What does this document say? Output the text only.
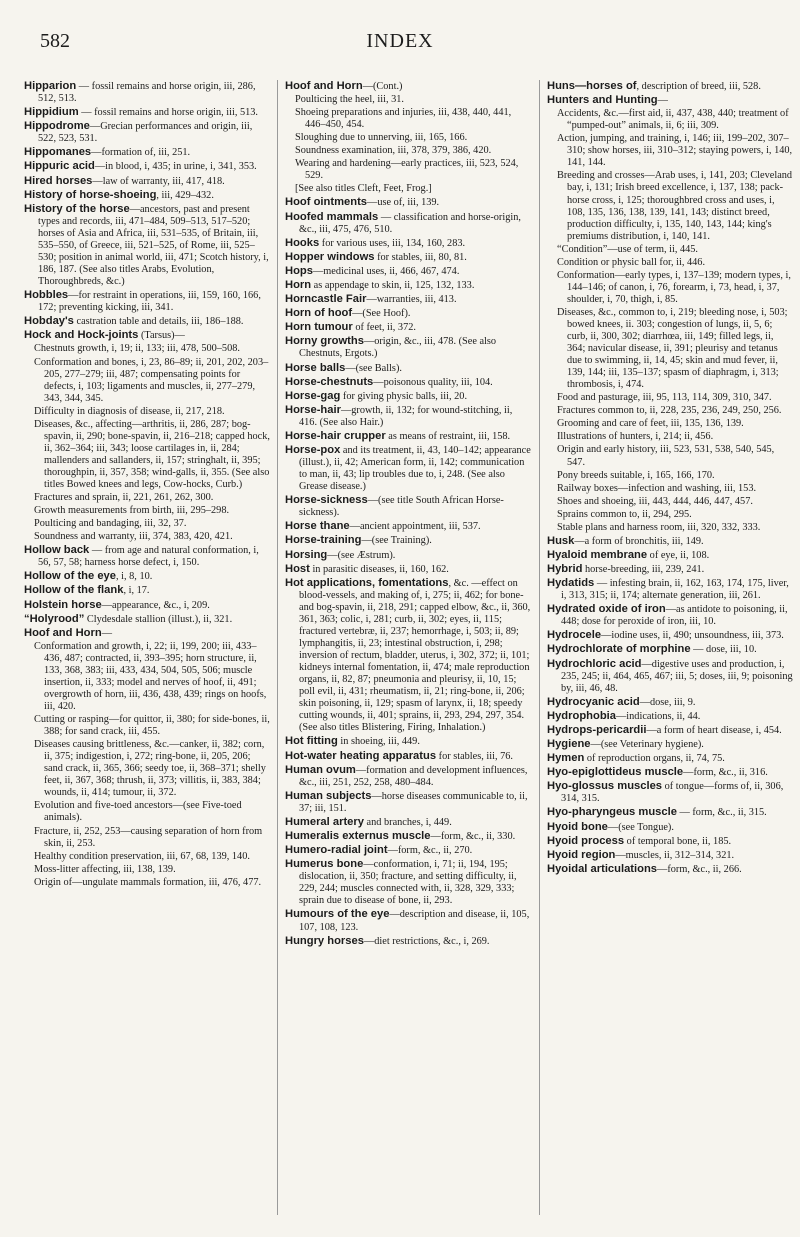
582	INDEX
Hipparion — fossil remains and horse origin, iii, 286, 512, 513.
Hippidium — fossil remains and horse origin, iii, 513.
Hippodrome—Grecian performances and origin, iii, 522, 523, 531.
Hippomanes—formation of, iii, 251.
Hippuric acid—in blood, i, 435; in urine, i, 341, 353.
Hired horses—law of warranty, iii, 417, 418.
History of horse-shoeing, iii, 429–432.
History of the horse—ancestors, past and present types and records, iii, 471–484, 509–513, 517–520; horses of Asia and Africa, iii, 531–535, of Britain, iii, 535–550, of Greece, iii, 521–525, of Rome, iii, 525–530; position in animal world, iii, 471; Scotch history, i, 186, 187. (See also titles Arabs, Evolution, Thoroughbreds, &c.)
Hobbles—for restraint in operations, iii, 159, 160, 166, 172; preventing kicking, iii, 341.
Hobday's castration table and details, iii, 186–188.
Hock and Hock-joints (Tarsus)—
Chestnuts growth, i, 19; ii, 133; iii, 478, 500–508.
Conformation and bones, i, 23, 86–89; ii, 201, 202, 203–205, 277–279; iii, 487; compensating points for defects, i, 103; ligaments and muscles, ii, 277–279, 343, 344, 345.
Difficulty in diagnosis of disease, ii, 217, 218.
Diseases, &c., affecting—arthritis, ii, 286, 287; bog-spavin, ii, 290; bone-spavin, ii, 216–218; capped hock, ii, 362–364; iii, 343; loose cartilages in, ii, 284; mallenders and sallanders, ii, 157; stringhalt, ii, 395; thoroughpin, ii, 357, 358; wind-galls, ii, 355. (See also titles Bowed knees and legs, Cow-hocks, Curb.)
Fractures and sprain, ii, 221, 261, 262, 300.
Growth measurements from birth, iii, 295–298.
Poulticing and bandaging, iii, 32, 37.
Soundness and warranty, iii, 374, 383, 420, 421.
Hollow back — from age and natural conformation, i, 56, 57, 58; harness horse defect, i, 150.
Hollow of the eye, i, 8, 10.
Hollow of the flank, i, 17.
Holstein horse—appearance, &c., i, 209.
“Holyrood” Clydesdale stallion (illust.), ii, 321.
Hoof and Horn—
Conformation and growth, i, 22; ii, 199, 200; iii, 433–436, 487; contracted, ii, 393–395; horn structure, ii, 133, 368, 383; iii, 433, 434, 504, 505, 506; muscle insertion, ii, 333; model and nerves of hoof, ii, 491; overgrowth of horn, iii, 436, 438, 439; rings on hoofs, iii, 420.
Cutting or rasping—for quittor, ii, 380; for side-bones, ii, 388; for sand crack, iii, 455.
Diseases causing brittleness, &c.—canker, ii, 382; corn, ii, 375; indigestion, i, 272; ring-bone, ii, 205, 206; sand crack, ii, 365, 366; seedy toe, ii, 368–371; shelly feet, ii, 367, 368; thrush, ii, 373; villitis, ii, 383, 384; wounds, ii, 414; tumour, ii, 372.
Evolution and five-toed ancestors—(see Five-toed animals).
Fracture, ii, 252, 253—causing separation of horn from skin, ii, 253.
Healthy condition preservation, iii, 67, 68, 139, 140.
Moss-litter affecting, iii, 138, 139.
Origin of—ungulate mammals formation, iii, 476, 477.
Hoof and Horn—(Cont.)
Poulticing the heel, iii, 31.
Shoeing preparations and injuries, iii, 438, 440, 441, 446–450, 454.
Sloughing due to unnerving, iii, 165, 166.
Soundness examination, iii, 378, 379, 386, 420.
Wearing and hardening—early practices, iii, 523, 524, 529.
[See also titles Cleft, Feet, Frog.]
Hoof ointments—use of, iii, 139.
Hoofed mammals — classification and horse-origin, &c., iii, 475, 476, 510.
Hooks for various uses, iii, 134, 160, 283.
Hopper windows for stables, iii, 80, 81.
Hops—medicinal uses, ii, 466, 467, 474.
Horn as appendage to skin, ii, 125, 132, 133.
Horncastle Fair—warranties, iii, 413.
Horn of hoof—(See Hoof).
Horn tumour of feet, ii, 372.
Horny growths—origin, &c., iii, 478. (See also Chestnuts, Ergots.)
Horse balls—(see Balls).
Horse-chestnuts—poisonous quality, iii, 104.
Horse-gag for giving physic balls, iii, 20.
Horse-hair—growth, ii, 132; for wound-stitching, ii, 416. (See also Hair.)
Horse-hair crupper as means of restraint, iii, 158.
Horse-pox and its treatment, ii, 43, 140–142; appearance (illust.), ii, 42; American form, ii, 142; communication to man, ii, 43; lip troubles due to, i, 248. (See also Grease disease.)
Horse-sickness—(see title South African Horse-sickness).
Horse thane—ancient appointment, iii, 537.
Horse-training—(see Training).
Horsing—(see Æstrum).
Host in parasitic diseases, ii, 160, 162.
Hot applications, fomentations, &c. —effect on blood-vessels, and making of, i, 275; ii, 462; for bone- and bog-spavin, ii, 218, 291; capped elbow, &c., ii, 360, 361, 363; colic, i, 281; curb, ii, 302; eyes, ii, 115; fractured vertebræ, ii, 237; hemorrhage, i, 503; ii, 89; lymphangitis, ii, 23; intestinal obstruction, i, 298; inversion of rectum, bladder, uterus, i, 302, 372; ii, 101; kidneys internal fomentation, ii, 474; male reproduction organs, ii, 82, 87; pneumonia and pleurisy, ii, 10, 15; poll evil, ii, 431; rheumatism, ii, 21; ring-bone, ii, 206; skin poisoning, ii, 129; spasm of larynx, ii, 18; speedy cutting wounds, ii, 401; sprains, ii, 293, 294, 297, 354. (See also titles Blistering, Firing, Inhalation.)
Hot fitting in shoeing, iii, 449.
Hot-water heating apparatus for stables, iii, 76.
Human ovum—formation and development influences, &c., iii, 251, 252, 258, 480–484.
Human subjects—horse diseases communicable to, ii, 37; iii, 151.
Humeral artery and branches, i, 449.
Humeralis externus muscle—form, &c., ii, 330.
Humero-radial joint—form, &c., ii, 270.
Humerus bone—conformation, i, 71; ii, 194, 195; dislocation, ii, 350; fracture, and setting difficulty, ii, 229, 244; muscles connected with, ii, 328, 329, 333; sprain due to disease of bone, ii, 293.
Humours of the eye—description and disease, ii, 105, 107, 108, 123.
Hungry horses—diet restrictions, &c., i, 269.
Huns—horses of, description of breed, iii, 528.
Hunters and Hunting—
Accidents, &c.—first aid, ii, 437, 438, 440; treatment of “pumped-out” animals, ii, 6; iii, 309.
Action, jumping, and training, i, 146; iii, 199–202, 307–310; show horses, iii, 310–312; staying powers, i, 140, 141, 144.
Breeding and crosses—Arab uses, i, 141, 203; Cleveland bay, i, 131; Irish breed excellence, i, 137, 138; pack-horse cross, i, 125; thoroughbred cross and uses, i, 108, 135, 136, 138, 139, 141, 143; distinct breed, production difficulty, i, 135, 140, 143, 144; king's premiums distribution, i, 140, 141.
“Condition”—use of term, ii, 445.
Condition or physic ball for, ii, 446.
Conformation—early types, i, 137–139; modern types, i, 144–146; of canon, i, 76, forearm, i, 73, head, i, 37, shoulder, i, 70, thigh, i, 85.
Diseases, &c., common to, i, 219; bleeding nose, i, 503; bowed knees, ii. 303; congestion of lungs, ii, 5, 6; curb, ii, 300, 302; diarrhœa, iii, 149; filled legs, ii, 364; navicular disease, ii, 391; pleurisy and tetanus due to swimming, ii, 14, 45; skin and mud fever, ii, 139, 144; iii, 135–137; spasm of diaphragm, i, 313; thrombosis, i, 474.
Food and pasturage, iii, 95, 113, 114, 309, 310, 347.
Fractures common to, ii, 228, 235, 236, 249, 250, 256.
Grooming and care of feet, iii, 135, 136, 139.
Illustrations of hunters, i, 214; ii, 456.
Origin and early history, iii, 523, 531, 538, 540, 545, 547.
Pony breeds suitable, i, 165, 166, 170.
Railway boxes—infection and washing, iii, 153.
Shoes and shoeing, iii, 443, 444, 446, 447, 457.
Sprains common to, ii, 294, 295.
Stable plans and harness room, iii, 320, 332, 333.
Husk—a form of bronchitis, iii, 149.
Hyaloid membrane of eye, ii, 108.
Hybrid horse-breeding, iii, 239, 241.
Hydatids — infesting brain, ii, 162, 163, 174, 175, liver, i, 313, 315; ii, 174; alternate generation, iii, 261.
Hydrated oxide of iron—as antidote to poisoning, ii, 448; dose for peroxide of iron, iii, 10.
Hydrocele—iodine uses, ii, 490; unsoundness, iii, 373.
Hydrochlorate of morphine — dose, iii, 10.
Hydrochloric acid—digestive uses and production, i, 235, 245; ii, 464, 465, 467; iii, 5; doses, iii, 9; poisoning by, iii, 46, 48.
Hydrocyanic acid—dose, iii, 9.
Hydrophobia—indications, ii, 44.
Hydrops-pericardii—a form of heart disease, i, 454.
Hygiene—(see Veterinary hygiene).
Hymen of reproduction organs, ii, 74, 75.
Hyo-epiglottideus muscle—form, &c., ii, 316.
Hyo-glossus muscles of tongue—forms of, ii, 306, 314, 315.
Hyo-pharyngeus muscle — form, &c., ii, 315.
Hyoid bone—(see Tongue).
Hyoid process of temporal bone, ii, 185.
Hyoid region—muscles, ii, 312–314, 321.
Hyoidal articulations—form, &c., ii, 266.
